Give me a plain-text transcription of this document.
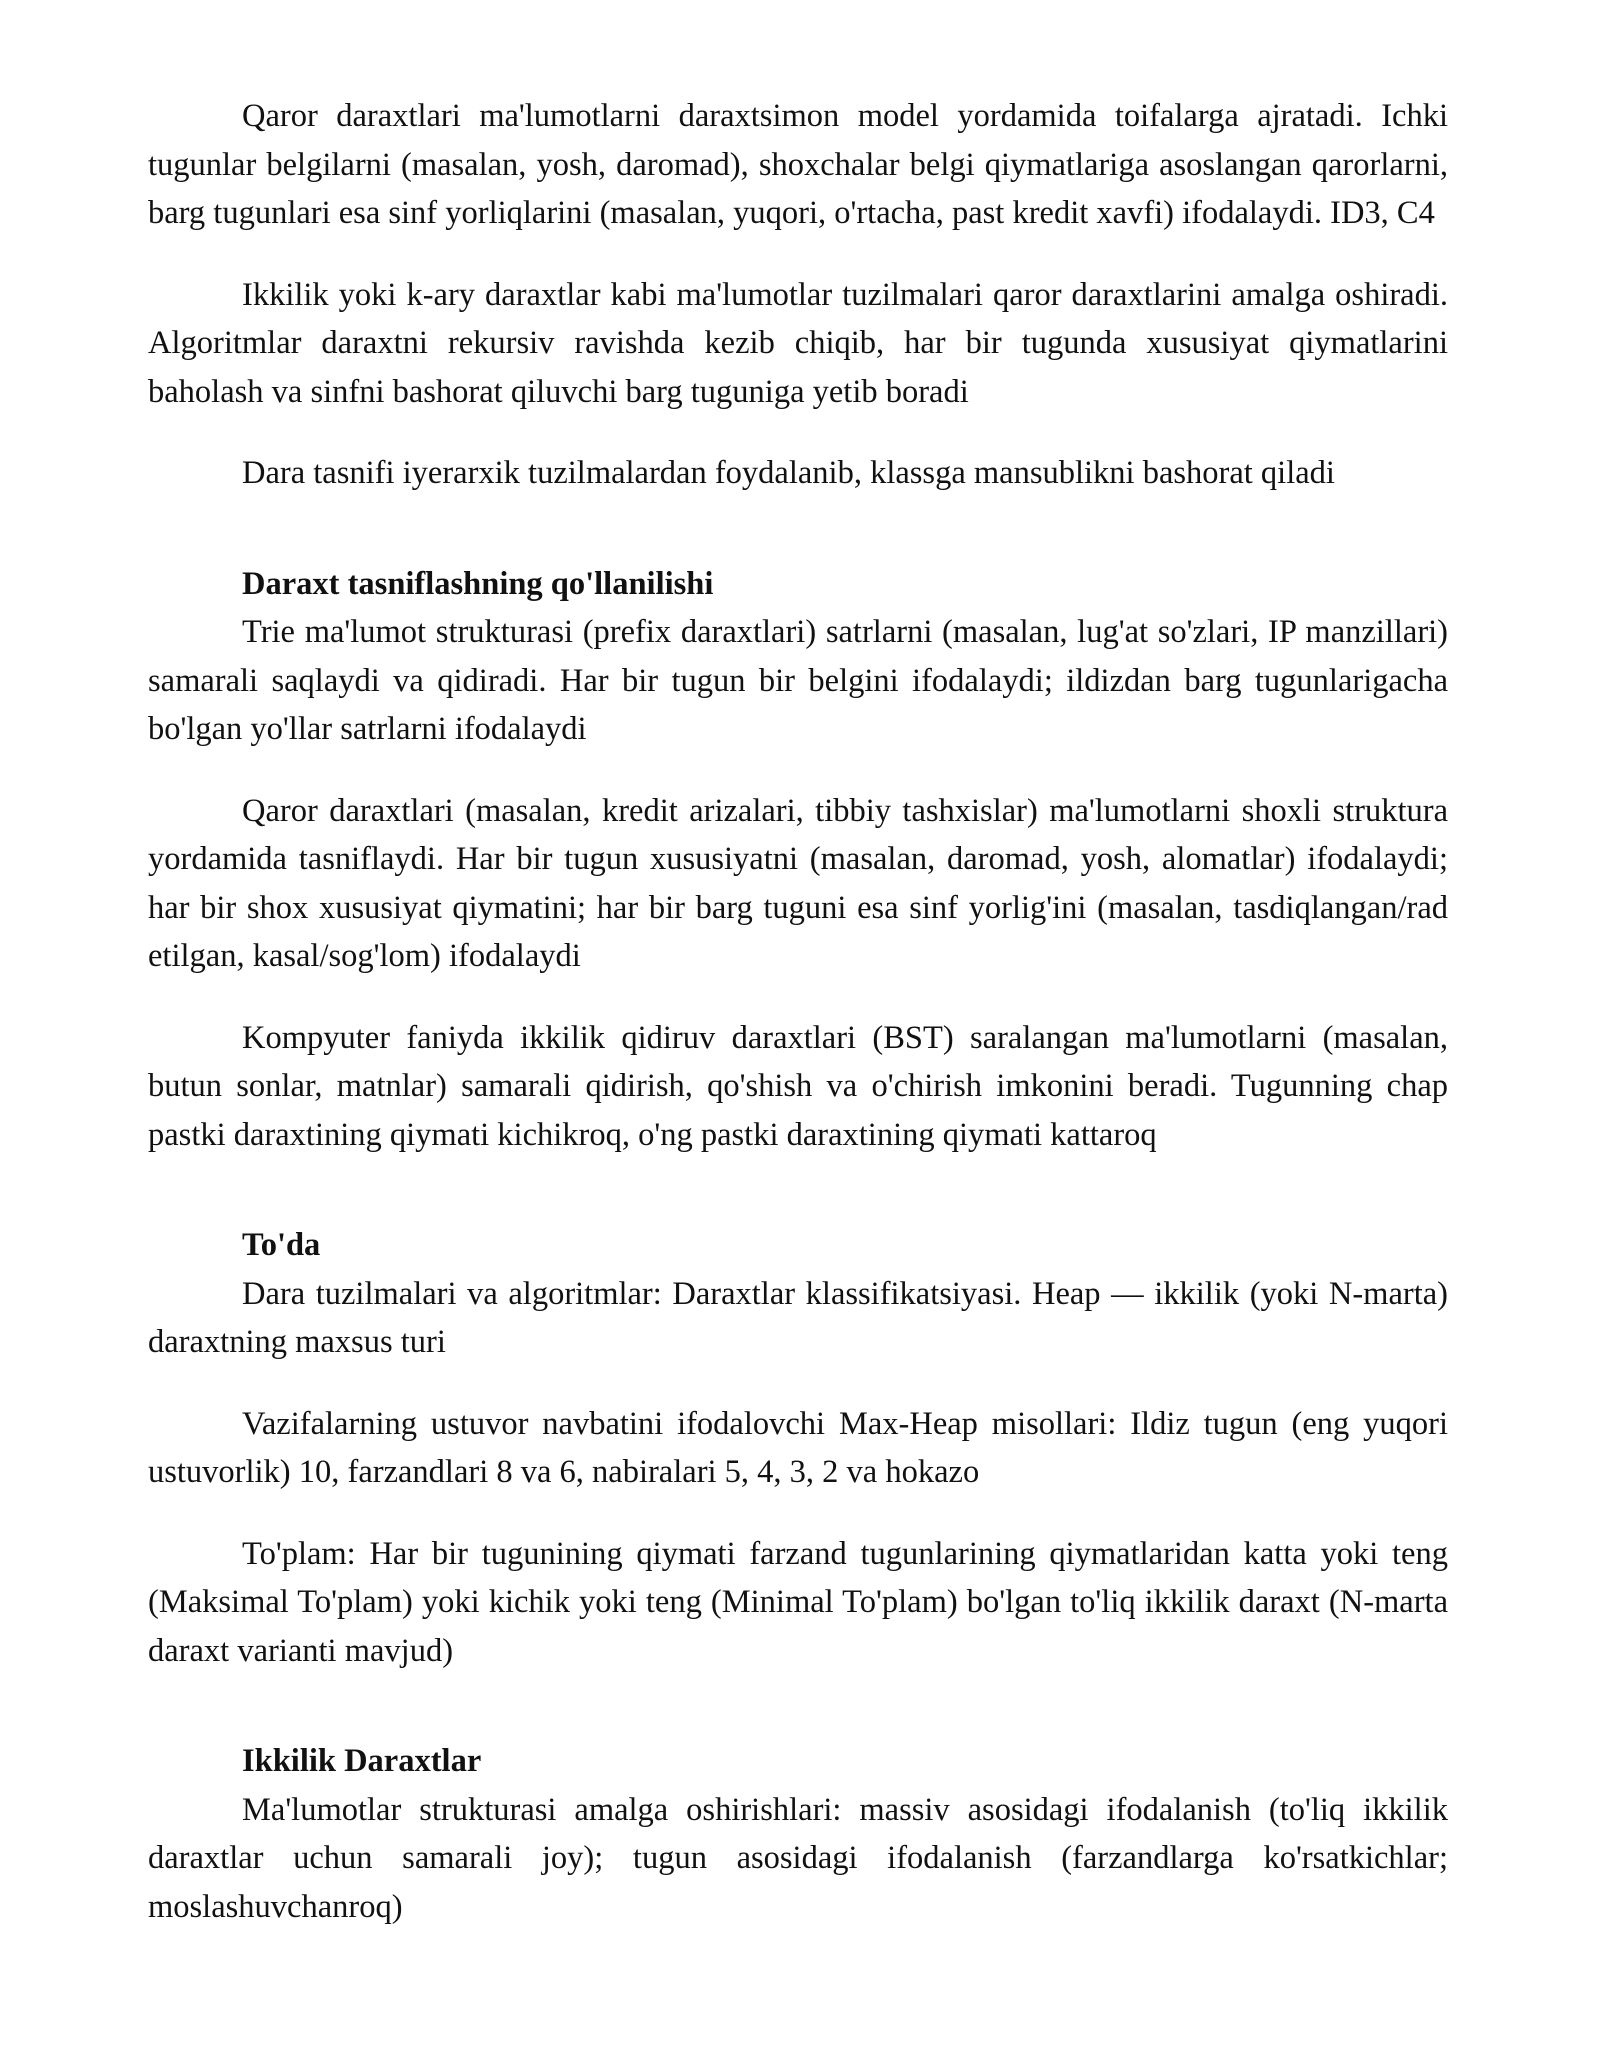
Qaror daraxtlari ma'lumotlarni daraxtsimon model yordamida toifalarga ajratadi. Ichki tugunlar belgilarni (masalan, yosh, daromad), shoxchalar belgi qiymatlariga asoslangan qarorlarni, barg tugunlari esa sinf yorliqlarini (masalan, yuqori, o'rtacha, past kredit xavfi) ifodalaydi. ID3, C4

Ikkilik yoki k-ary daraxtlar kabi ma'lumotlar tuzilmalari qaror daraxtlarini amalga oshiradi. Algoritmlar daraxtni rekursiv ravishda kezib chiqib, har bir tugunda xususiyat qiymatlarini baholash va sinfni bashorat qiluvchi barg tuguniga yetib boradi

Dara tasnifi iyerarxik tuzilmalardan foydalanib, klassga mansublikni bashorat qiladi

Daraxt tasniflashning qo'llanilishi

Trie ma'lumot strukturasi (prefix daraxtlari) satrlarni (masalan, lug'at so'zlari, IP manzillari) samarali saqlaydi va qidiradi. Har bir tugun bir belgini ifodalaydi; ildizdan barg tugunlarigacha bo'lgan yo'llar satrlarni ifodalaydi

Qaror daraxtlari (masalan, kredit arizalari, tibbiy tashxislar) ma'lumotlarni shoxli struktura yordamida tasniflaydi. Har bir tugun xususiyatni (masalan, daromad, yosh, alomatlar) ifodalaydi; har bir shox xususiyat qiymatini; har bir barg tuguni esa sinf yorlig'ini (masalan, tasdiqlangan/rad etilgan, kasal/sog'lom) ifodalaydi

Kompyuter faniyda ikkilik qidiruv daraxtlari (BST) saralangan ma'lumotlarni (masalan, butun sonlar, matnlar) samarali qidirish, qo'shish va o'chirish imkonini beradi. Tugunning chap pastki daraxtining qiymati kichikroq, o'ng pastki daraxtining qiymati kattaroq

To'da

Dara tuzilmalari va algoritmlar: Daraxtlar klassifikatsiyasi. Heap — ikkilik (yoki N-marta) daraxtning maxsus turi

Vazifalarning ustuvor navbatini ifodalovchi Max-Heap misollari: Ildiz tugun (eng yuqori ustuvorlik) 10, farzandlari 8 va 6, nabiralari 5, 4, 3, 2 va hokazo

To'plam: Har bir tugunining qiymati farzand tugunlarining qiymatlaridan katta yoki teng (Maksimal To'plam) yoki kichik yoki teng (Minimal To'plam) bo'lgan to'liq ikkilik daraxt (N-marta daraxt varianti mavjud)

Ikkilik Daraxtlar

Ma'lumotlar strukturasi amalga oshirishlari: massiv asosidagi ifodalanish (to'liq ikkilik daraxtlar uchun samarali joy); tugun asosidagi ifodalanish (farzandlarga ko'rsatkichlar; moslashuvchanroq)
